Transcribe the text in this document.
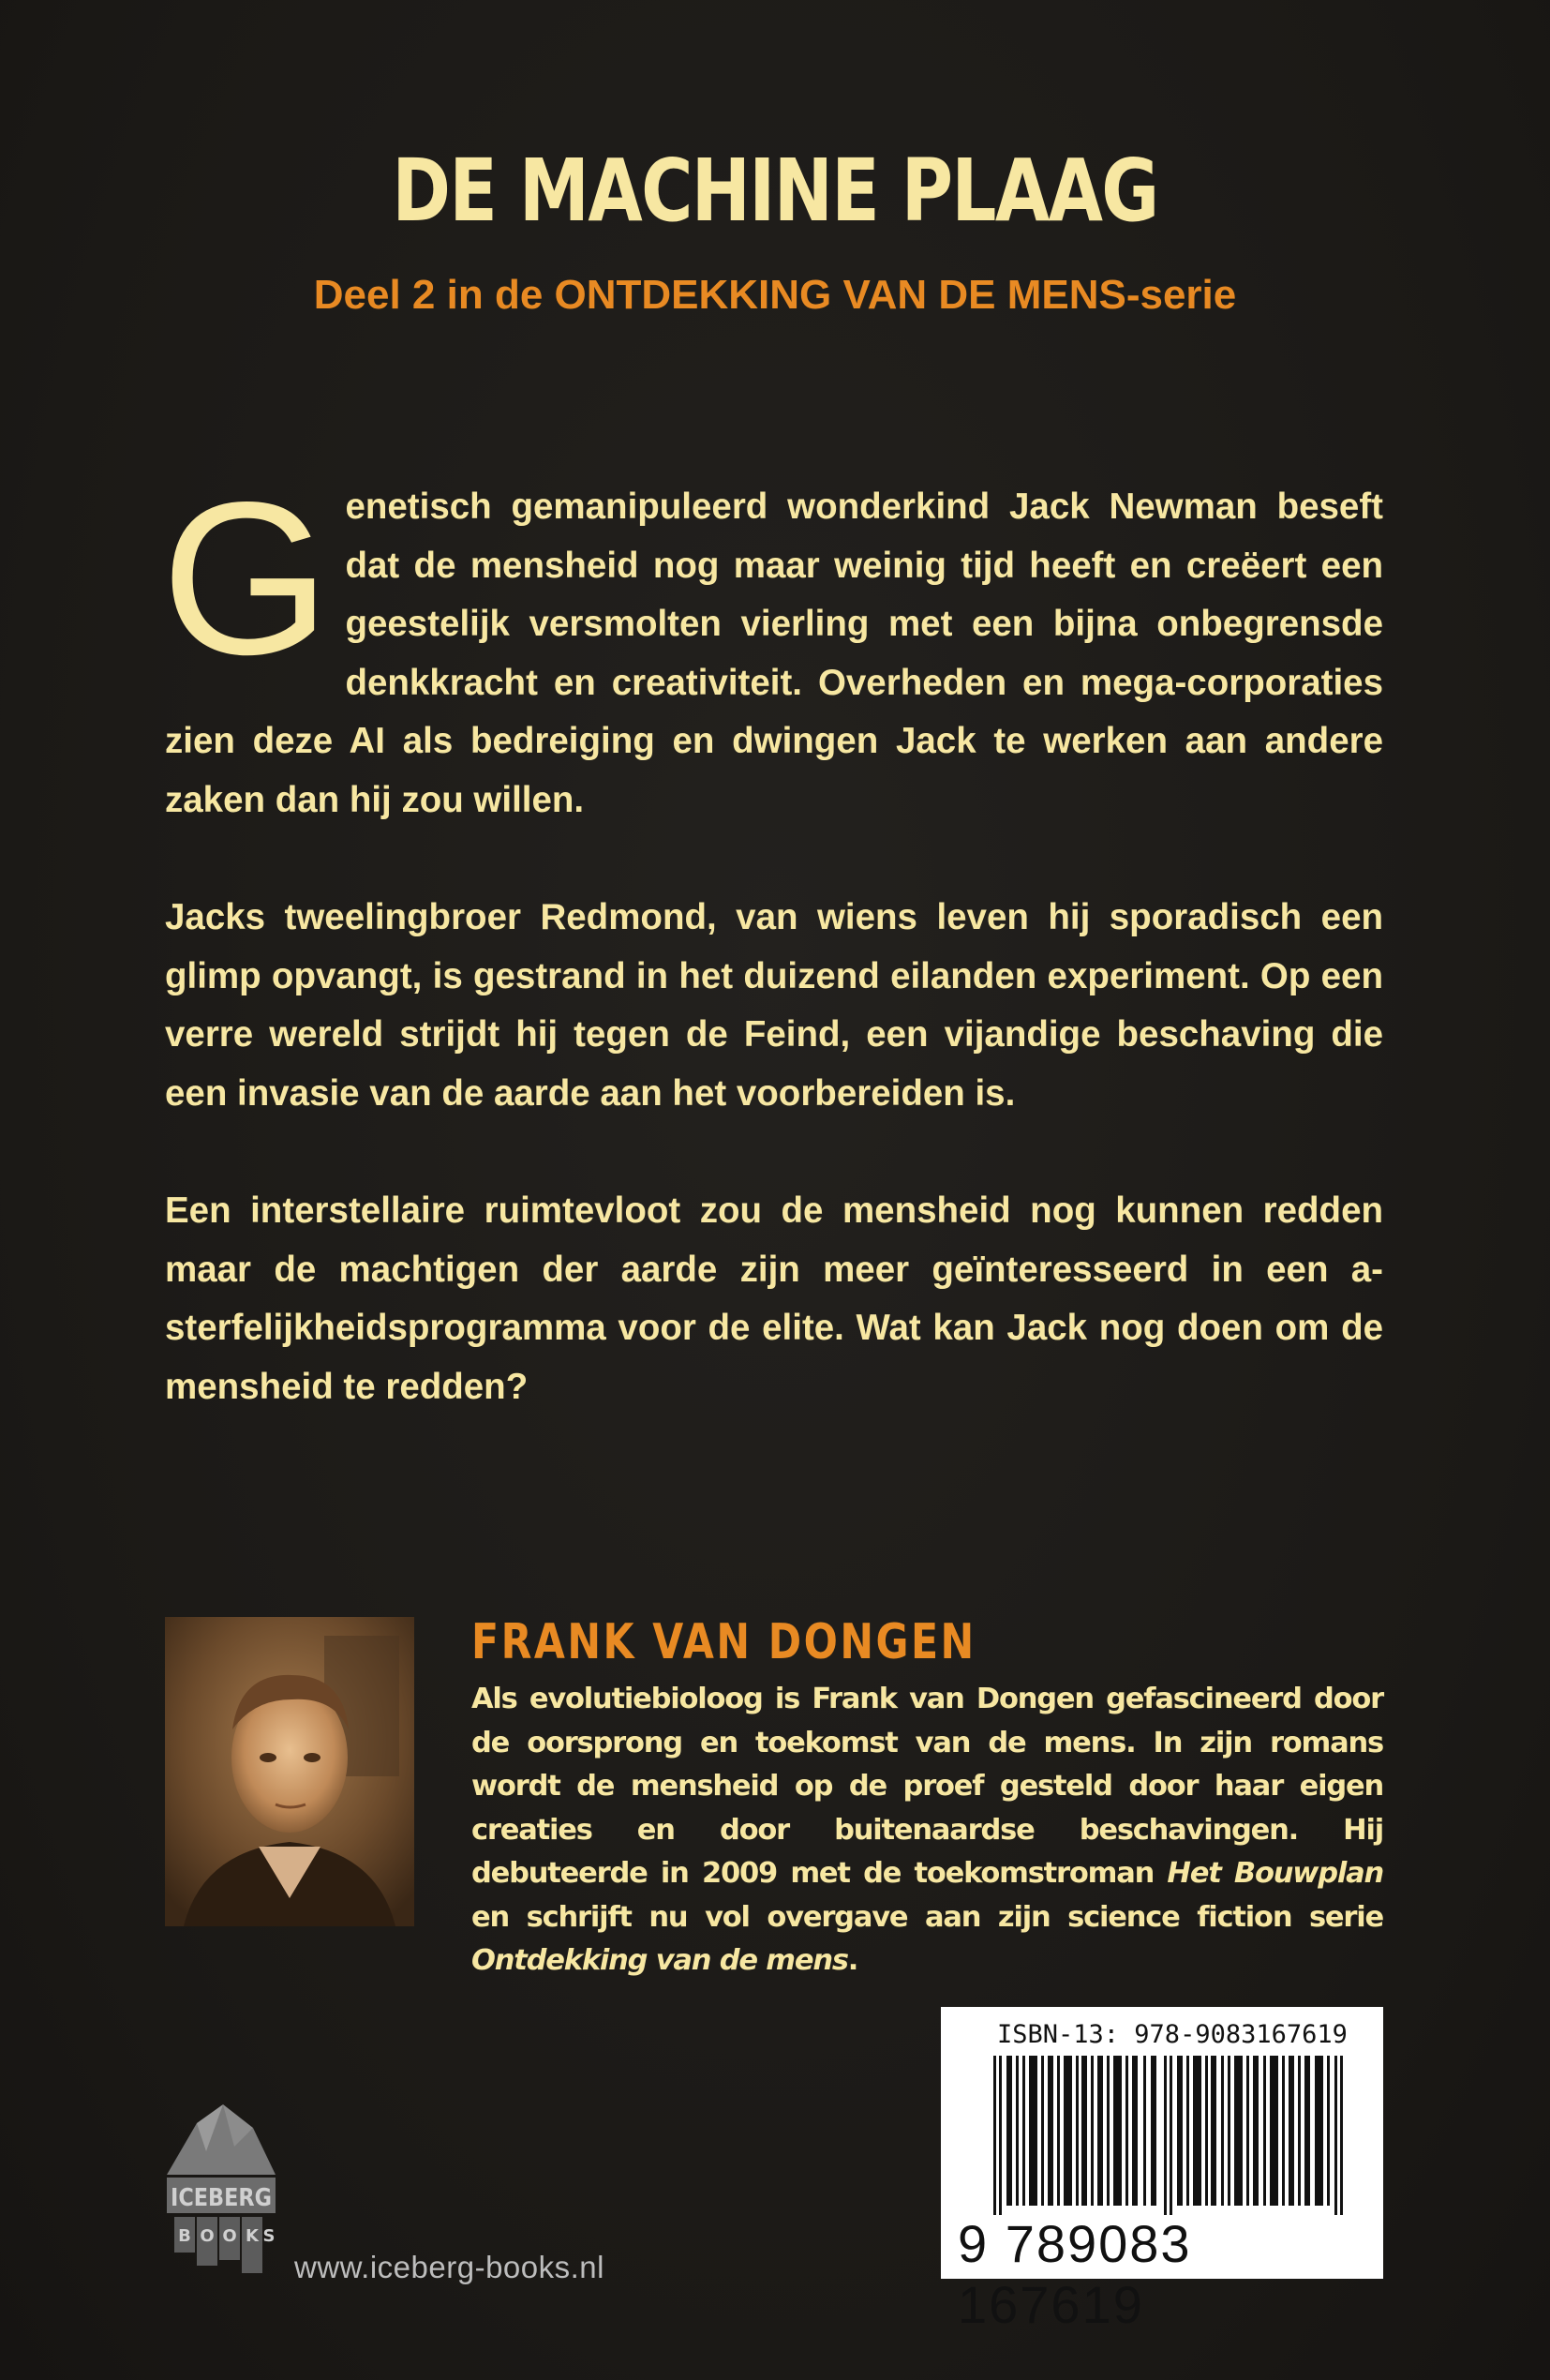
DE MACHINE PLAAG
Deel 2 in de ONTDEKKING VAN DE MENS-serie

Genetisch gemanipuleerd wonderkind Jack Newman beseft dat de mensheid nog maar weinig tijd heeft en creëert een geestelijk versmolten vierling met een bijna onbegrensde denkkracht en creativiteit. Overheden en mega-corporaties zien deze AI als bedreiging en dwingen Jack te werken aan andere zaken dan hij zou willen.

Jacks tweelingbroer Redmond, van wiens leven hij sporadisch een glimp opvangt, is gestrand in het duizend eilanden experiment. Op een verre wereld strijdt hij tegen de Feind, een vijandige beschaving die een invasie van de aarde aan het voorbereiden is.

Een interstellaire ruimtevloot zou de mensheid nog kunnen redden maar de machtigen der aarde zijn meer geïnteresseerd in een a-sterfelijkheidsprogramma voor de elite. Wat kan Jack nog doen om de mensheid te redden?

FRANK VAN DONGEN
Als evolutiebioloog is Frank van Dongen gefascineerd door de oorsprong en toekomst van de mens. In zijn romans wordt de mensheid op de proef gesteld door haar eigen creaties en door buitenaardse beschavingen. Hij debuteerde in 2009 met de toekomstroman Het Bouwplan en schrijft nu vol overgave aan zijn science fiction serie Ontdekking van de mens.

ISBN-13: 978-9083167619

9 789083 167619

ICEBERG
B O O K S

www.iceberg-books.nl
